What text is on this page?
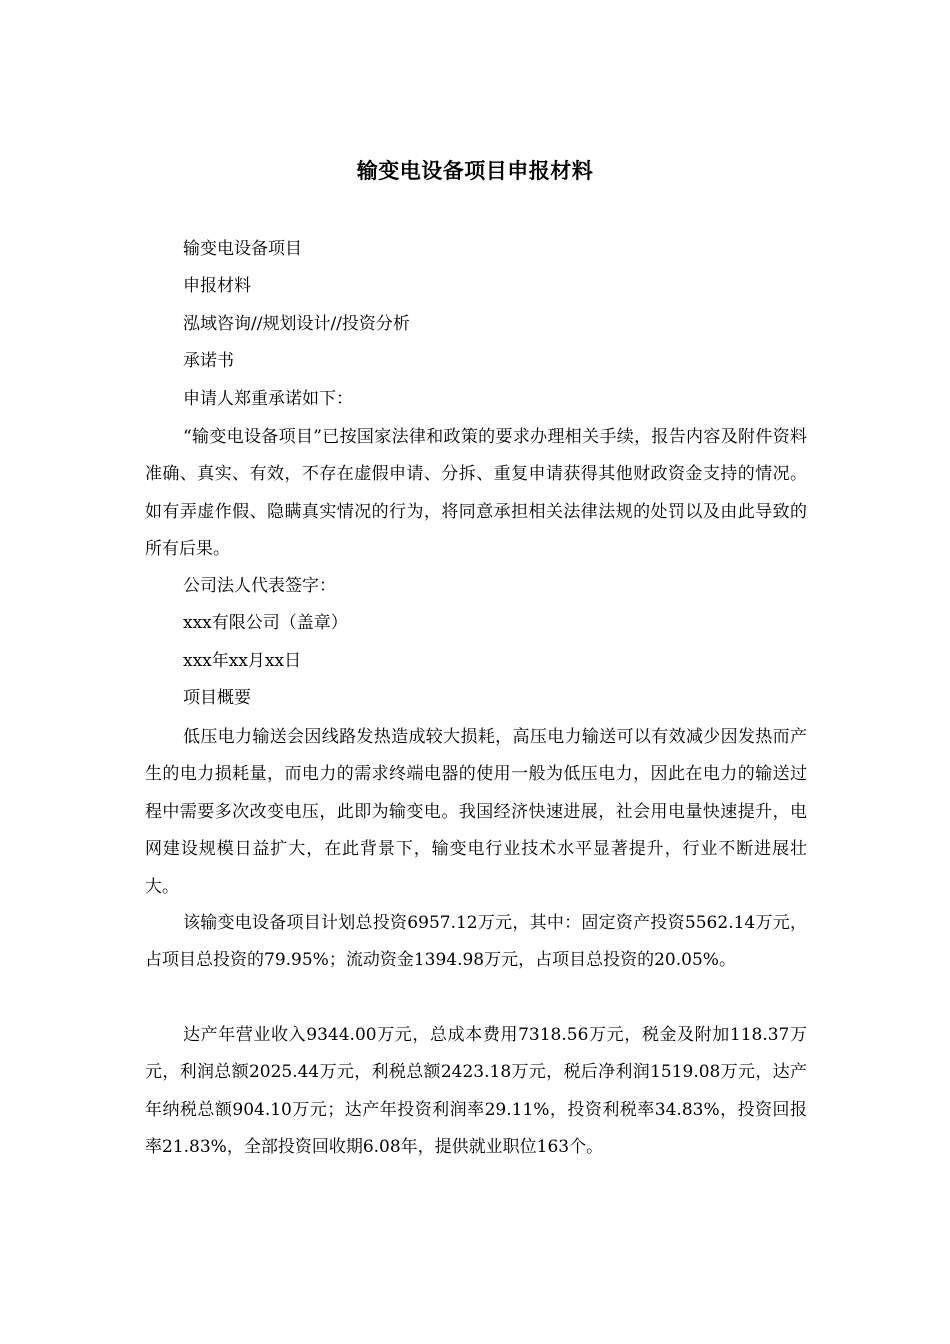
输变电设备项目申报材料
输变电设备项目
申报材料
泓域咨询//规划设计//投资分析
承诺书
申请人郑重承诺如下：

“输变电设备项目”已按国家法律和政策的要求办理相关手续，报告内容及附件资料准确、真实、有效，不存在虚假申请、分拆、重复申请获得其他财政资金支持的情况。如有弄虚作假、隐瞒真实情况的行为，将同意承担相关法律法规的处罚以及由此导致的所有后果。

公司法人代表签字：
xxx有限公司（盖章）
xxx年xx月xx日
项目概要

低压电力输送会因线路发热造成较大损耗，高压电力输送可以有效减少因发热而产生的电力损耗量，而电力的需求终端电器的使用一般为低压电力，因此在电力的输送过程中需要多次改变电压，此即为输变电。我国经济快速进展，社会用电量快速提升，电网建设规模日益扩大，在此背景下，输变电行业技术水平显著提升，行业不断进展壮大。

该输变电设备项目计划总投资6957.12万元，其中：固定资产投资5562.14万元，占项目总投资的79.95%；流动资金1394.98万元，占项目总投资的20.05%。

达产年营业收入9344.00万元，总成本费用7318.56万元，税金及附加118.37万元，利润总额2025.44万元，利税总额2423.18万元，税后净利润1519.08万元，达产年纳税总额904.10万元；达产年投资利润率29.11%，投资利税率34.83%，投资回报率21.83%，全部投资回收期6.08年，提供就业职位163个。
